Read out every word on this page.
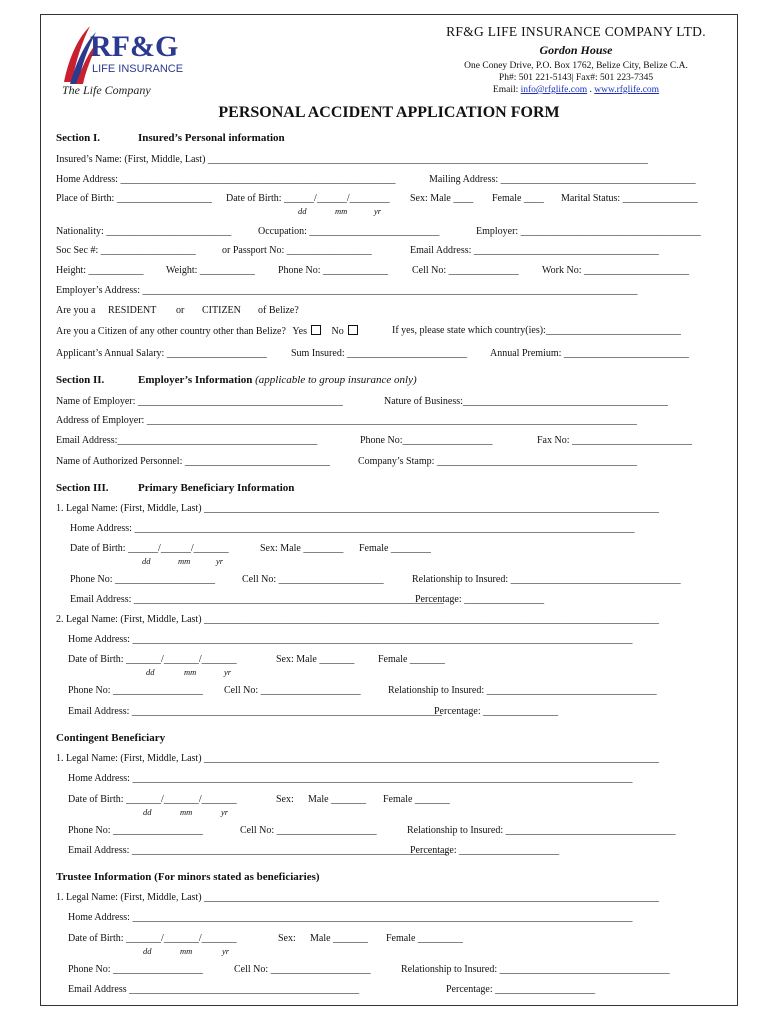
RF&G
LIFE INSURANCE
The Life Company
RF&G LIFE INSURANCE COMPANY LTD.
Gordon House
One Coney Drive, P.O. Box 1762, Belize City, Belize C.A.
Ph#: 501 221-5143| Fax#: 501 223-7345
Email: info@rfglife.com . www.rfglife.com
PERSONAL ACCIDENT APPLICATION FORM
Section I.	Insured’s Personal information
Insured’s Name: (First, Middle, Last) ________________________________________________________________________________________
Home Address: _______________________________________________________	Mailing Address: _______________________________________
Place of Birth: ___________________ Date of Birth: ______/______/________ Sex: Male ____ Female ____ Marital Status: _______________
dd	mm	yr
Nationality: _________________________	Occupation: __________________________	Employer: ____________________________________
Soc Sec #: ___________________	or Passport No: _________________	Email Address: _____________________________________
Height: ___________ Weight: ___________ Phone No: _____________ Cell No: ______________ Work No: _____________________
Employer’s Address: ___________________________________________________________________________________________________
Are you a RESIDENT or CITIZEN of Belize?
Are you a Citizen of any other country other than Belize? Yes No	If yes, please state which country(ies):___________________________
Applicant’s Annual Salary: ____________________ Sum Insured: ________________________ Annual Premium: _________________________
Section II.	Employer’s Information (applicable to group insurance only)
Name of Employer: _________________________________________	Nature of Business:_________________________________________
Address of Employer: __________________________________________________________________________________________________
Email Address:________________________________________	Phone No:__________________	Fax No: ________________________
Name of Authorized Personnel: _____________________________	Company’s Stamp: ________________________________________
Section III.	Primary Beneficiary Information
1. Legal Name: (First, Middle, Last) ___________________________________________________________________________________________
Home Address: ____________________________________________________________________________________________________
Date of Birth: ______/______/_______	Sex: Male ________ Female ________
dd	mm	yr
Phone No: ____________________	Cell No: _____________________	Relationship to Insured: __________________________________
Email Address: ______________________________________________________________
Percentage: ________________
2. Legal Name: (First, Middle, Last) ___________________________________________________________________________________________
Home Address: ____________________________________________________________________________________________________
Date of Birth: _______/_______/_______	Sex: Male _______ Female _______
dd	mm	yr
Phone No: __________________ Cell No: ____________________	Relationship to Insured: __________________________________
Email Address: ______________________________________________________________
Percentage: _______________
Contingent Beneficiary
1. Legal Name: (First, Middle, Last) ___________________________________________________________________________________________
Home Address: ____________________________________________________________________________________________________
Date of Birth: _______/_______/_______	Sex: Male _______ Female _______
dd	mm	yr
Phone No: __________________	Cell No: ____________________	Relationship to Insured: __________________________________
Email Address: _______________________________________________________________
Percentage: ____________________
Trustee Information (For minors stated as beneficiaries)
1. Legal Name: (First, Middle, Last) ___________________________________________________________________________________________
Home Address: ____________________________________________________________________________________________________
Date of Birth: _______/_______/_______	Sex: Male _______ Female _________
dd	mm	yr
Phone No: __________________	Cell No: ____________________	Relationship to Insured: __________________________________
Email Address ______________________________________________	Percentage: ____________________
